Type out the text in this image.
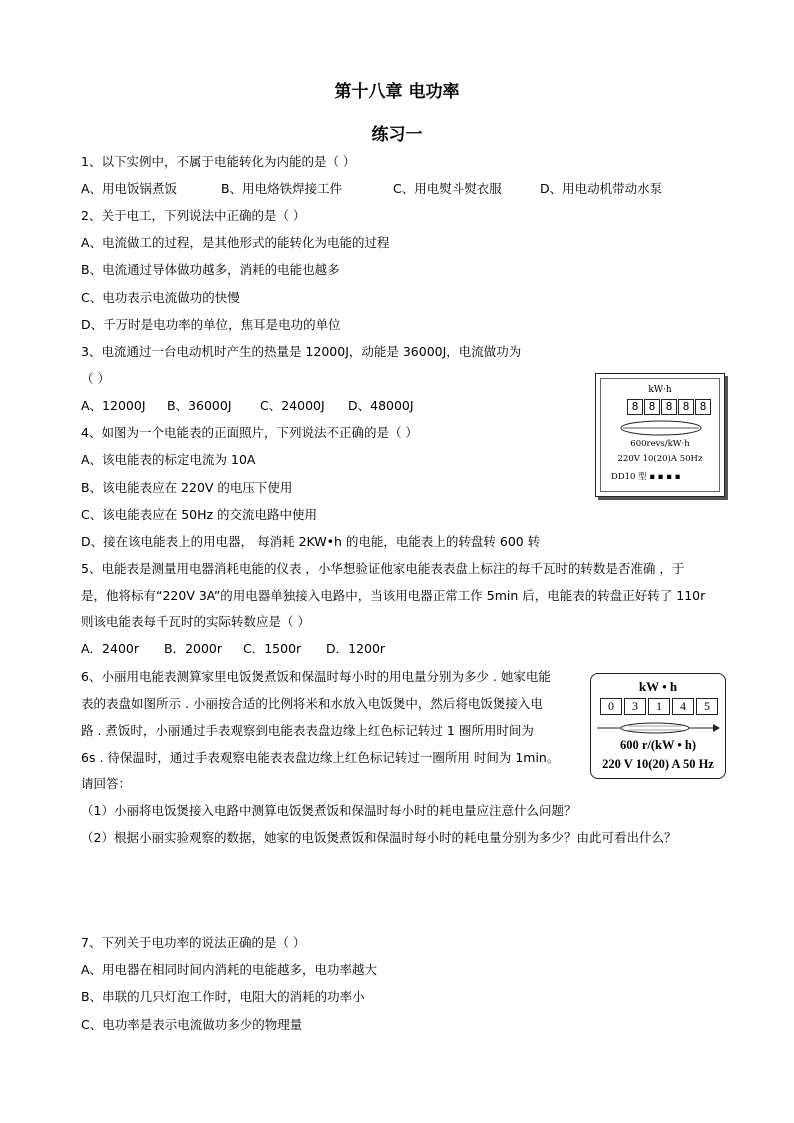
第十八章 电功率
练习一
1、以下实例中，不属于电能转化为内能的是（ ）
A、用电饭锅煮饭	B、用电烙铁焊接工件	C、用电熨斗熨衣服	D、用电动机带动水泵
2、关于电工，下列说法中正确的是（ ）
A、电流做工的过程，是其他形式的能转化为电能的过程
B、电流通过导体做功越多，消耗的电能也越多
C、电功表示电流做功的快慢
D、千万时是电功率的单位，焦耳是电功的单位
3、电流通过一台电动机时产生的热量是 12000J，动能是 36000J，电流做功为
（ ）
A、12000J B、36000J C、24000J D、48000J
kW·h
8 8 8 8 8
600revs/kW·h
220V 10(20)A 50Hz
DD10 型 ▪ ▪ ▪ ▪
4、如图为一个电能表的正面照片，下列说法不正确的是（ ）
A、该电能表的标定电流为 10A
B、该电能表应在 220V 的电压下使用
C、该电能表应在 50Hz 的交流电路中使用
D、接在该电能表上的用电器， 每消耗 2KW•h 的电能，电能表上的转盘转 600 转
5、电能表是测量用电器消耗电能的仪表 ，小华想验证他家电能表表盘上标注的每千瓦时的转数是否准确 ，于
是，他将标有“220V 3A”的用电器单独接入电路中，当该用电器正常工作 5min 后，电能表的转盘正好转了 110r
则该电能表每千瓦时的实际转数应是（ ）
A．2400r B．2000r C．1500r D．1200r
kW • h
0	3	1	4	5
600 r/(kW • h)
220 V 10(20) A 50 Hz
6、小丽用电能表测算家里电饭煲煮饭和保温时每小时的用电量分别为多少 . 她家电能
表的表盘如图所示 . 小丽按合适的比例将米和水放入电饭煲中，然后将电饭煲接入电
路 . 煮饭时，小丽通过手表观察到电能表表盘边缘上红色标记转过 1 圈所用时间为
6s . 待保温时，通过手表观察电能表表盘边缘上红色标记转过一圈所用 时间为 1min。
请回答：
（1）小丽将电饭煲接入电路中测算电饭煲煮饭和保温时每小时的耗电量应注意什么问题？
（2）根据小丽实验观察的数据，她家的电饭煲煮饭和保温时每小时的耗电量分别为多少？由此可看出什么？
7、下列关于电功率的说法正确的是（ ）
A、用电器在相同时间内消耗的电能越多，电功率越大
B、串联的几只灯泡工作时，电阻大的消耗的功率小
C、电功率是表示电流做功多少的物理量
